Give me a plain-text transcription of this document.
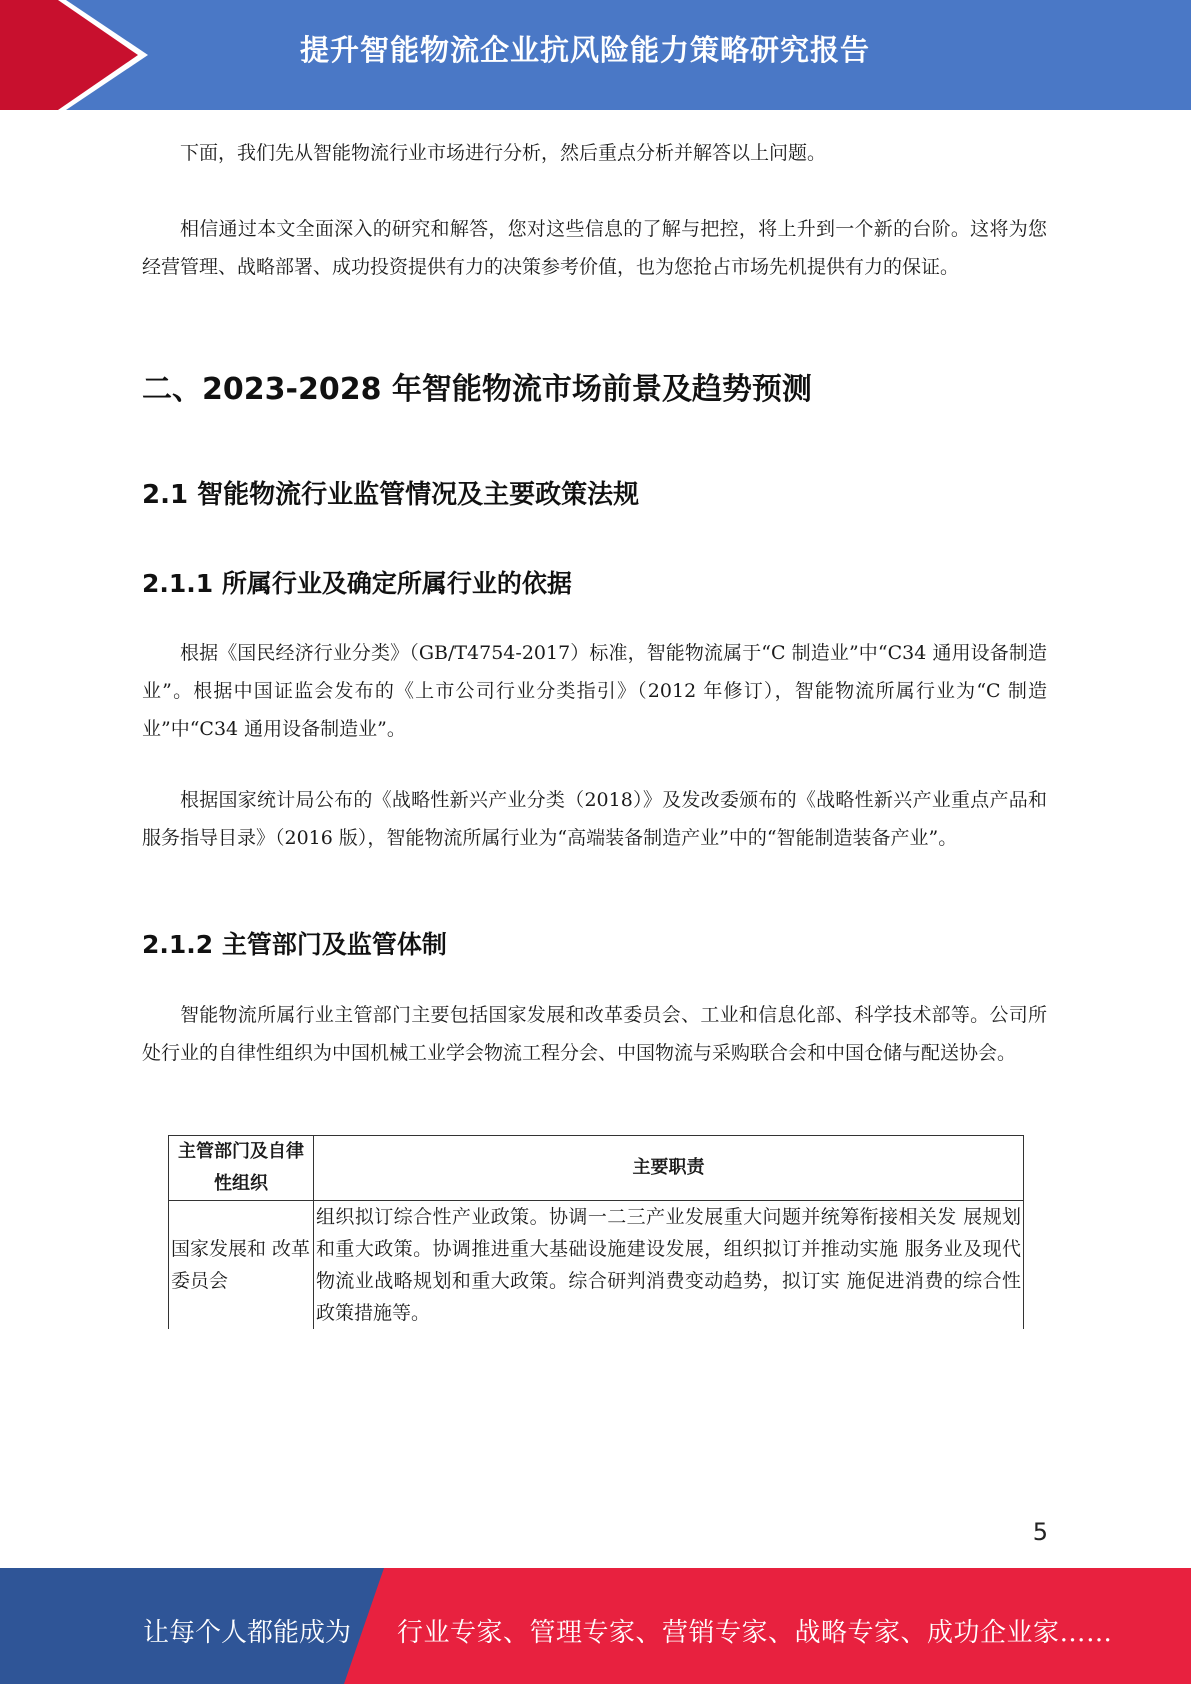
提升智能物流企业抗风险能力策略研究报告

下面，我们先从智能物流行业市场进行分析，然后重点分析并解答以上问题。

相信通过本文全面深入的研究和解答，您对这些信息的了解与把控，将上升到一个新的台阶。这将为您经营管理、战略部署、成功投资提供有力的决策参考价值，也为您抢占市场先机提供有力的保证。

二、2023-2028 年智能物流市场前景及趋势预测
2.1 智能物流行业监管情况及主要政策法规
2.1.1 所属行业及确定所属行业的依据

根据《国民经济行业分类》（GB/T4754-2017）标准，智能物流属于“C 制造业”中“C34 通用设备制造业”。根据中国证监会发布的《上市公司行业分类指引》（2012 年修订），智能物流所属行业为“C 制造业”中“C34 通用设备制造业”。

根据国家统计局公布的《战略性新兴产业分类（2018）》及发改委颁布的《战略性新兴产业重点产品和服务指导目录》（2016 版），智能物流所属行业为“高端装备制造产业”中的“智能制造装备产业”。

2.1.2 主管部门及监管体制

智能物流所属行业主管部门主要包括国家发展和改革委员会、工业和信息化部、科学技术部等。公司所处行业的自律性组织为中国机械工业学会物流工程分会、中国物流与采购联合会和中国仓储与配送协会。

主管部门及自律性组织	主要职责
国家发展和 改革委员会	组织拟订综合性产业政策。协调一二三产业发展重大问题并统筹衔接相关发 展规划和重大政策。协调推进重大基础设施建设发展，组织拟订并推动实施 服务业及现代物流业战略规划和重大政策。综合研判消费变动趋势，拟订实 施促进消费的综合性政策措施等。
5
让每个人都能成为 行业专家、管理专家、营销专家、战略专家、成功企业家……
